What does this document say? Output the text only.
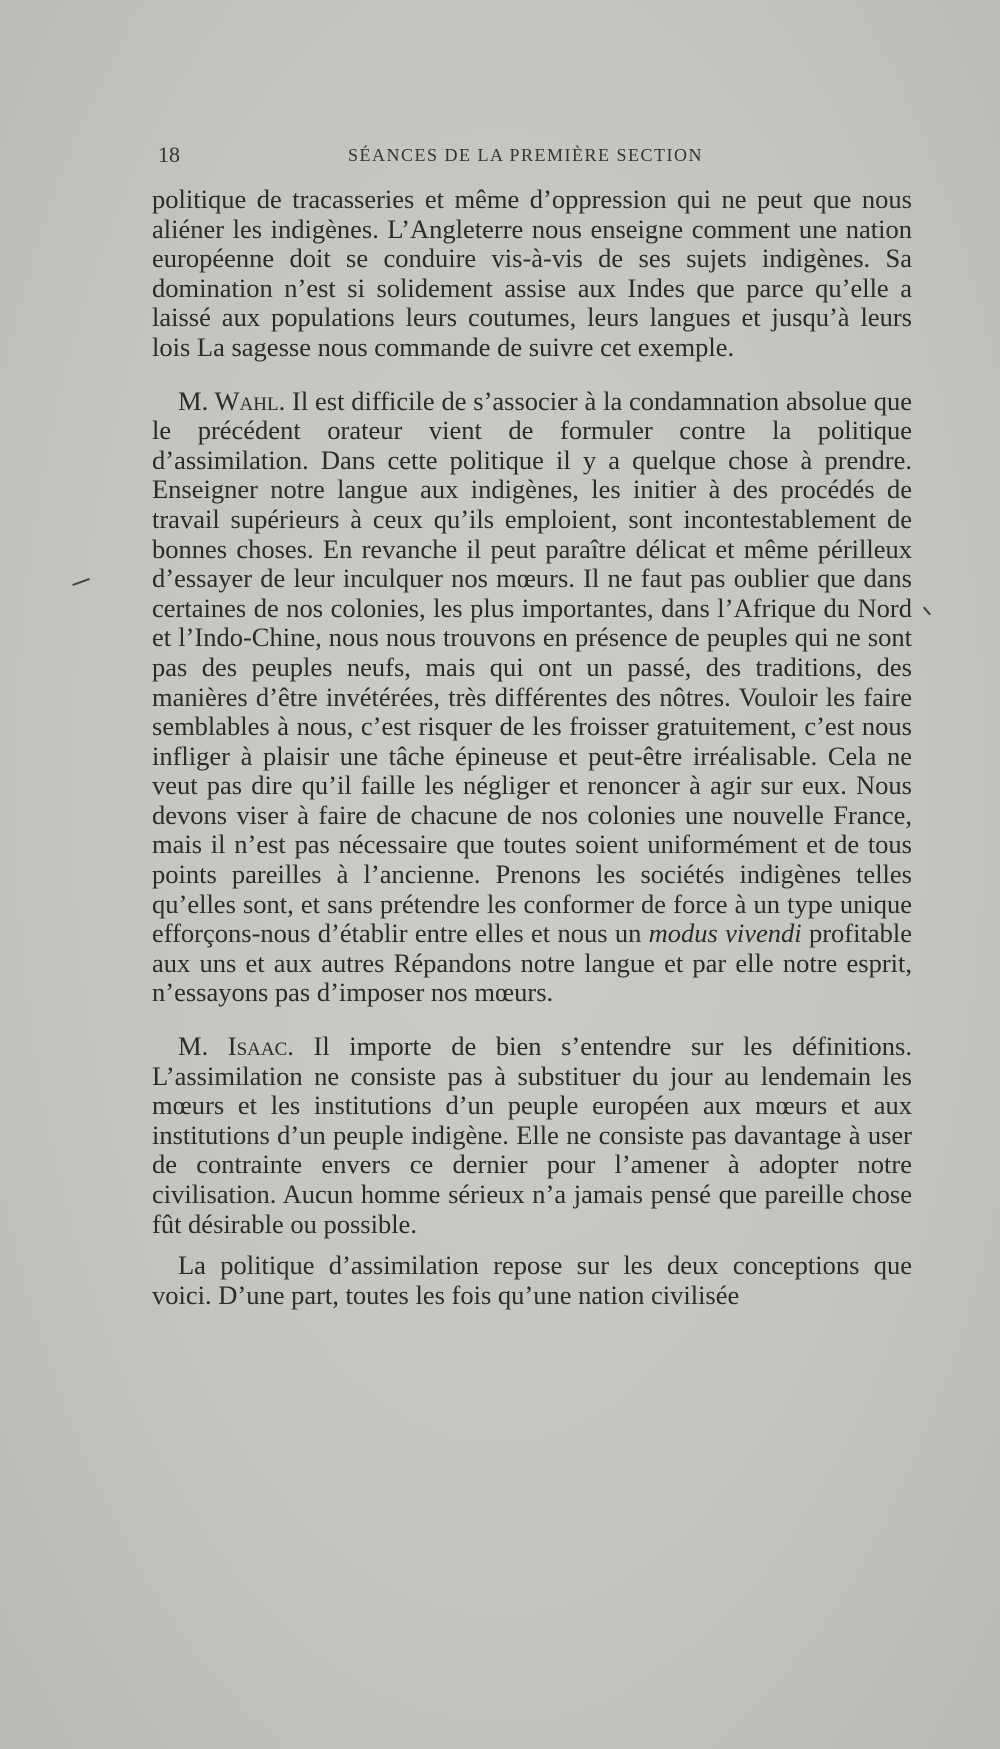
18	SÉANCES DE LA PREMIÈRE SECTION

politique de tracasseries et même d’oppression qui ne peut que nous aliéner les indigènes. L’Angleterre nous enseigne comment une nation européenne doit se conduire vis-à-vis de ses sujets indigènes. Sa domination n’est si solidement assise aux Indes que parce qu’elle a laissé aux populations leurs coutumes, leurs langues et jusqu’à leurs lois La sagesse nous commande de suivre cet exemple.

M. Wahl. Il est difficile de s’associer à la condamnation absolue que le précédent orateur vient de formuler contre la politique d’assimilation. Dans cette politique il y a quelque chose à prendre. Enseigner notre langue aux indigènes, les initier à des procédés de travail supérieurs à ceux qu’ils emploient, sont incontestablement de bonnes choses. En revanche il peut paraître délicat et même périlleux d’essayer de leur inculquer nos mœurs. Il ne faut pas oublier que dans certaines de nos colonies, les plus importantes, dans l’Afrique du Nord et l’Indo-Chine, nous nous trouvons en présence de peuples qui ne sont pas des peuples neufs, mais qui ont un passé, des traditions, des manières d’être invétérées, très différentes des nôtres. Vouloir les faire semblables à nous, c’est risquer de les froisser gratuitement, c’est nous infliger à plaisir une tâche épineuse et peut-être irréalisable. Cela ne veut pas dire qu’il faille les négliger et renoncer à agir sur eux. Nous devons viser à faire de chacune de nos colonies une nouvelle France, mais il n’est pas nécessaire que toutes soient uniformément et de tous points pareilles à l’ancienne. Prenons les sociétés indigènes telles qu’elles sont, et sans prétendre les conformer de force à un type unique efforçons-nous d’établir entre elles et nous un modus vivendi profitable aux uns et aux autres Répandons notre langue et par elle notre esprit, n’essayons pas d’imposer nos mœurs.

M. Isaac. Il importe de bien s’entendre sur les définitions. L’assimilation ne consiste pas à substituer du jour au lendemain les mœurs et les institutions d’un peuple européen aux mœurs et aux institutions d’un peuple indigène. Elle ne consiste pas davantage à user de contrainte envers ce dernier pour l’amener à adopter notre civilisation. Aucun homme sérieux n’a jamais pensé que pareille chose fût désirable ou possible.

La politique d’assimilation repose sur les deux conceptions que voici. D’une part, toutes les fois qu’une nation civilisée
